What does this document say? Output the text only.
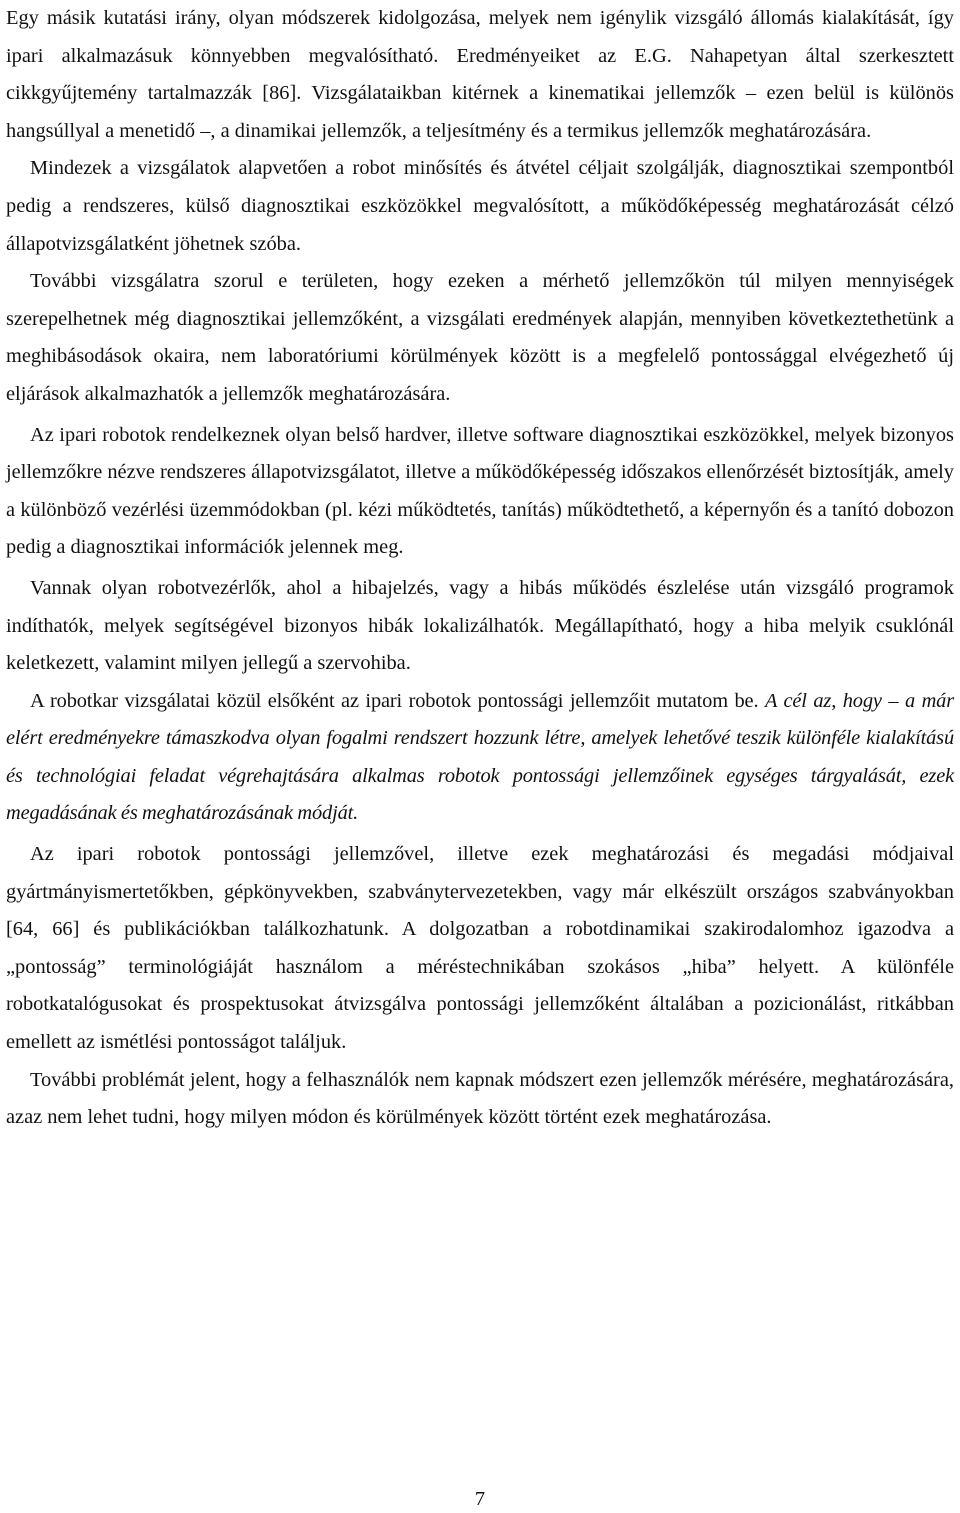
Egy másik kutatási irány, olyan módszerek kidolgozása, melyek nem igénylik vizsgáló állomás kialakítását, így ipari alkalmazásuk könnyebben megvalósítható. Eredményeiket az E.G. Nahapetyan által szerkesztett cikkgyűjtemény tartalmazzák [86]. Vizsgálataikban kitérnek a kinematikai jellemzők – ezen belül is különös hangsúllyal a menetidő –, a dinamikai jellemzők, a teljesítmény és a termikus jellemzők meghatározására.

Mindezek a vizsgálatok alapvetően a robot minősítés és átvétel céljait szolgálják, diagnosztikai szempontból pedig a rendszeres, külső diagnosztikai eszközökkel megvalósított, a működőképesség meghatározását célzó állapotvizsgálatként jöhetnek szóba.

További vizsgálatra szorul e területen, hogy ezeken a mérhető jellemzőkön túl milyen mennyiségek szerepelhetnek még diagnosztikai jellemzőként, a vizsgálati eredmények alapján, mennyiben következtethetünk a meghibásodások okaira, nem laboratóriumi körülmények között is a megfelelő pontossággal elvégezhető új eljárások alkalmazhatók a jellemzők meghatározására.

Az ipari robotok rendelkeznek olyan belső hardver, illetve software diagnosztikai eszközökkel, melyek bizonyos jellemzőkre nézve rendszeres állapotvizsgálatot, illetve a működőképesség időszakos ellenőrzését biztosítják, amely a különböző vezérlési üzemmódokban (pl. kézi működtetés, tanítás) működtethető, a képernyőn és a tanító dobozon pedig a diagnosztikai információk jelennek meg.

Vannak olyan robotvezérlők, ahol a hibajelzés, vagy a hibás működés észlelése után vizsgáló programok indíthatók, melyek segítségével bizonyos hibák lokalizálhatók. Megállapítható, hogy a hiba melyik csuklónál keletkezett, valamint milyen jellegű a szervohiba.

A robotkar vizsgálatai közül elsőként az ipari robotok pontossági jellemzőit mutatom be. A cél az, hogy – a már elért eredményekre támaszkodva olyan fogalmi rendszert hozzunk létre, amelyek lehetővé teszik különféle kialakítású és technológiai feladat végrehajtására alkalmas robotok pontossági jellemzőinek egységes tárgyalását, ezek megadásának és meghatározásának módját.

Az ipari robotok pontossági jellemzővel, illetve ezek meghatározási és megadási módjaival gyártmányismertetőkben, gépkönyvekben, szabványtervezetekben, vagy már elkészült országos szabványokban [64, 66] és publikációkban találkozhatunk. A dolgozatban a robotdinamikai szakirodalomhoz igazodva a „pontosság” terminológiáját használom a méréstechnikában szokásos „hiba” helyett. A különféle robotkatalógusokat és prospektusokat átvizsgálva pontossági jellemzőként általában a pozicionálást, ritkábban emellett az ismétlési pontosságot találjuk.

További problémát jelent, hogy a felhasználók nem kapnak módszert ezen jellemzők mérésére, meghatározására, azaz nem lehet tudni, hogy milyen módon és körülmények között történt ezek meghatározása.

7
